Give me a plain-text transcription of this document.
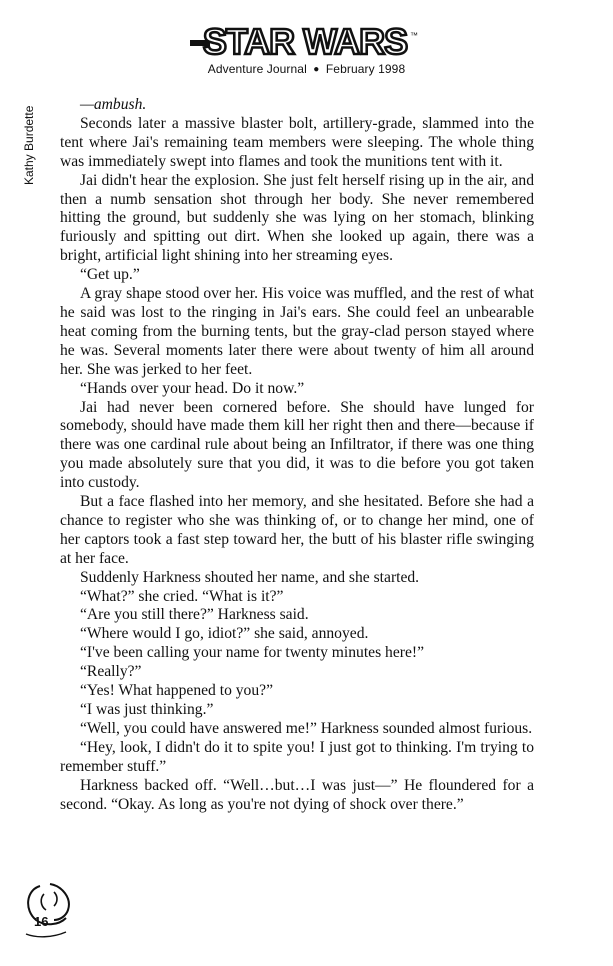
STAR WARS ™
Adventure Journal ● February 1998
Kathy Burdette

—ambush.

Seconds later a massive blaster bolt, artillery-grade, slammed into the tent where Jai's remaining team members were sleeping. The whole thing was immediately swept into flames and took the munitions tent with it.

Jai didn't hear the explosion. She just felt herself rising up in the air, and then a numb sensation shot through her body. She never remembered hitting the ground, but suddenly she was lying on her stomach, blinking furiously and spitting out dirt. When she looked up again, there was a bright, artificial light shining into her streaming eyes.

“Get up.”

A gray shape stood over her. His voice was muffled, and the rest of what he said was lost to the ringing in Jai's ears. She could feel an unbearable heat coming from the burning tents, but the gray-clad person stayed where he was. Several moments later there were about twenty of him all around her. She was jerked to her feet.

“Hands over your head. Do it now.”

Jai had never been cornered before. She should have lunged for somebody, should have made them kill her right then and there—because if there was one cardinal rule about being an Infiltrator, if there was one thing you made absolutely sure that you did, it was to die before you got taken into custody.

But a face flashed into her memory, and she hesitated. Before she had a chance to register who she was thinking of, or to change her mind, one of her captors took a fast step toward her, the butt of his blaster rifle swinging at her face.

Suddenly Harkness shouted her name, and she started.

“What?” she cried. “What is it?”

“Are you still there?” Harkness said.

“Where would I go, idiot?” she said, annoyed.

“I've been calling your name for twenty minutes here!”

“Really?”

“Yes! What happened to you?”

“I was just thinking.”

“Well, you could have answered me!” Harkness sounded almost furious.

“Hey, look, I didn't do it to spite you! I just got to thinking. I'm trying to remember stuff.”

Harkness backed off. “Well…but…I was just—” He floundered for a second. “Okay. As long as you're not dying of shock over there.”

16
